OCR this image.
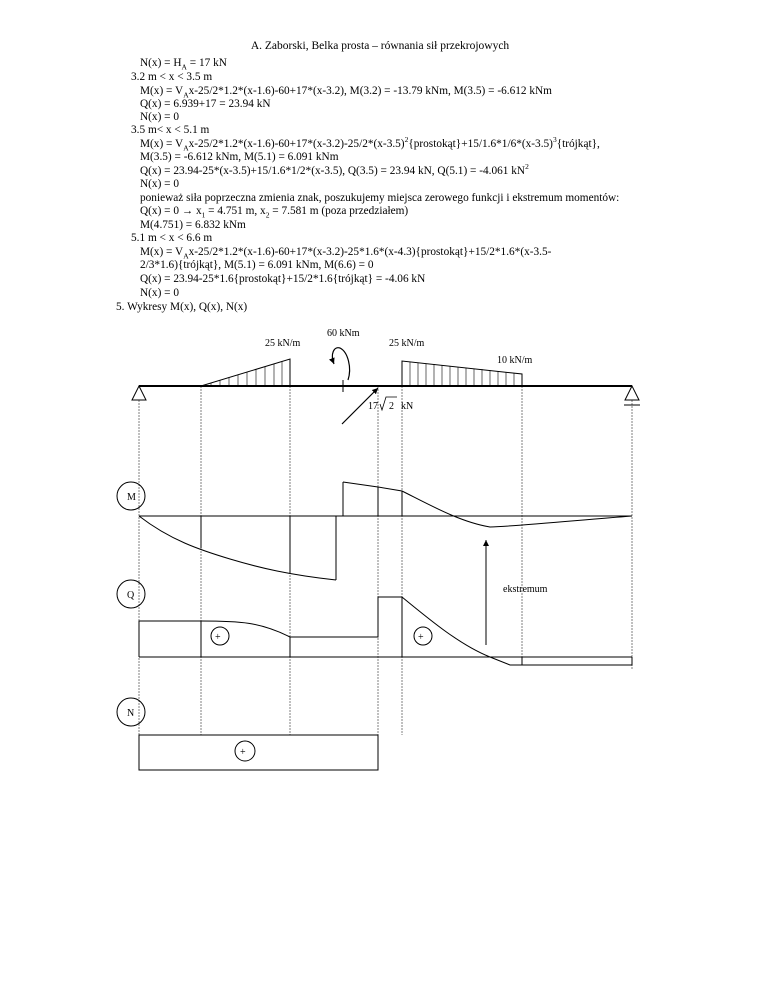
A. Zaborski, Belka prosta – równania sił przekrojowych
$N(x) = H_A = 17$ kN
3.2 m < x < 3.5 m
$M(x) = V_Ax-25/2*1.2*(x-1.6)-60+17*(x-3.2)$, M(3.2) = -13.79 kNm, M(3.5) = -6.612 kNm
Q(x) = 6.939+17 = 23.94 kN
N(x) = 0
3.5 m< x < 5.1 m
$M(x) = V_Ax-25/2*1.2*(x-1.6)-60+17*(x-3.2)-25/2*(x-3.5)^2\{prostokąt\}+15/1.6*1/6*(x-3.5)^3\{trójkąt\}$,
M(3.5) = -6.612 kNm, M(5.1) = 6.091 kNm
Q(x) = 23.94-25*(x-3.5)+15/1.6*1/2*(x-3.5), Q(3.5) = 23.94 kN, Q(5.1) = -4.061 $kN^2$
N(x) = 0
ponieważ siła poprzeczna zmienia znak, poszukujemy miejsca zerowego funkcji i ekstremum momentów:
$Q(x) = 0 \to x_1 = 4.751$ m, $x_2 = 7.581$ m (poza przedziałem)
M(4.751) = 6.832 kNm
5.1 m < x < 6.6 m
$M(x) = V_Ax-25/2*1.2*(x-1.6)-60+17*(x-3.2)-25*1.6*(x-4.3)\{prostokąt\}+15/2*1.6*(x-3.5-$
2/3*1.6){trójkąt}, M(5.1) = 6.091 kNm, M(6.6) = 0
Q(x) = 23.94-25*1.6{prostokąt}+15/2*1.6{trójkąt} = -4.06 kN
N(x) = 0
5. Wykresy M(x), Q(x), N(x)
25 kN/m
60 kNm
17 2 kN
25 kN/m
10 kN/m
M
ekstremum
Q
+	+
N
+
